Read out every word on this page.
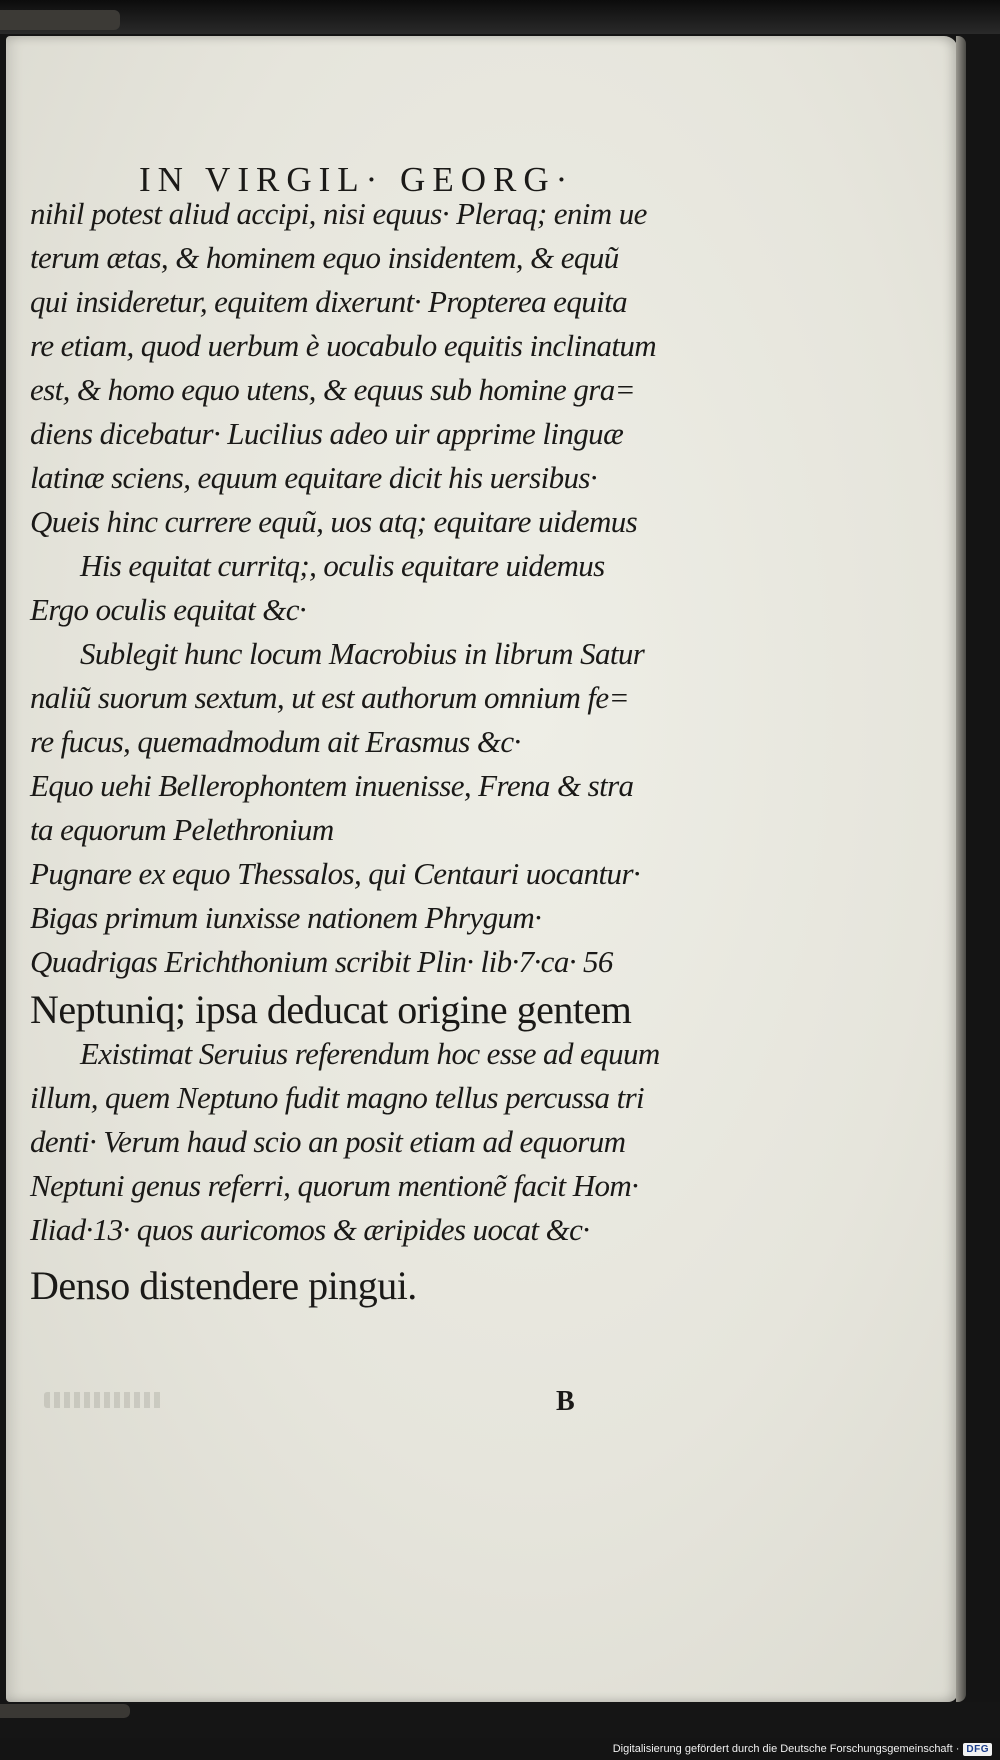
IN VIRGIL· GEORG·
nihil potest aliud accipi, nisi equus· Pleraq; enim ue
terum ætas, & hominem equo insidentem, & equũ
qui insideretur, equitem dixerunt· Propterea equita
re etiam, quod uerbum è uocabulo equitis inclinatum
est, & homo equo utens, & equus sub homine gra=
diens dicebatur· Lucilius adeo uir apprime linguæ
latinæ sciens, equum equitare dicit his uersibus·
Queis hinc currere equũ, uos atq; equitare uidemus
His equitat curritq;, oculis equitare uidemus
Ergo oculis equitat &c·
Sublegit hunc locum Macrobius in librum Satur
naliũ suorum sextum, ut est authorum omnium fe=
re fucus, quemadmodum ait Erasmus &c·
Equo uehi Bellerophontem inuenisse, Frena & stra
ta equorum Pelethronium
Pugnare ex equo Thessalos, qui Centauri uocantur·
Bigas primum iunxisse nationem Phrygum·
Quadrigas Erichthonium scribit Plin· lib·7·ca· 56
Neptuniq; ipsa deducat origine gentem
Existimat Seruius referendum hoc esse ad equum
illum, quem Neptuno fudit magno tellus percussa tri
denti· Verum haud scio an posit etiam ad equorum
Neptuni genus referri, quorum mentionẽ facit Hom·
Iliad·13· quos auricomos & æripides uocat &c·
Denso distendere pingui.
B
Digitalisierung gefördert durch die Deutsche Forschungsgemeinschaft · DFG
